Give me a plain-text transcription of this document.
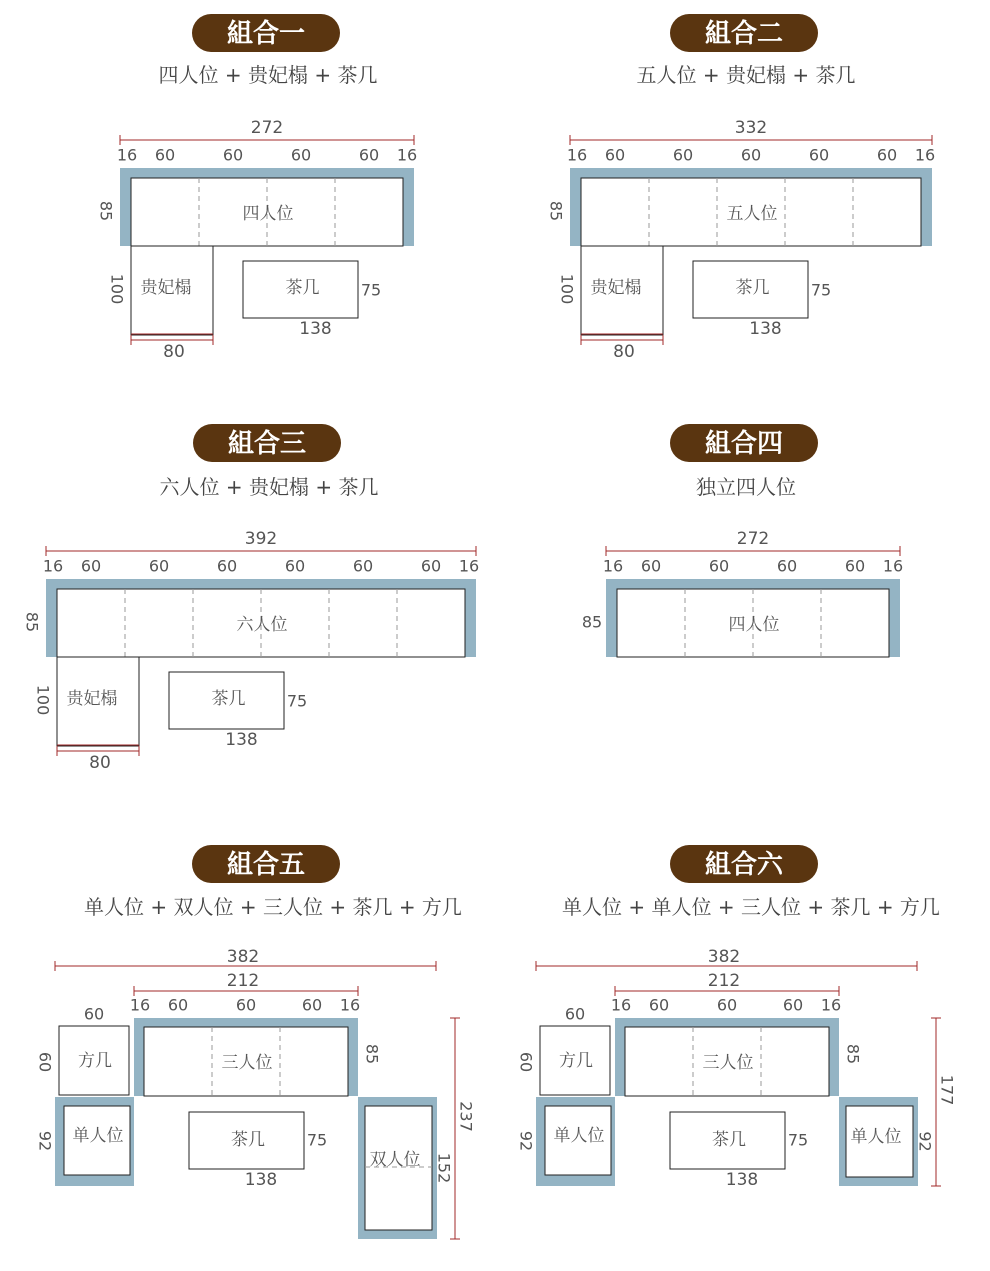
組合一
四人位 + 贵妃榻 + 茶几
272
16 60	60	60	60 16
四人位
85
贵妃榻
100
80
茶几	75
138
組合二
五人位 + 贵妃榻 + 茶几
332
16 60	60	60	60	60 16
五人位
85
贵妃榻
100
80
茶几	75
138
組合三
六人位 + 贵妃榻 + 茶几
392
16 60	60	60	60	60	60 16
六人位
85
贵妃榻
100
80
茶几	75
138
組合四
独立四人位
272
16 60	60	60	60 16
四人位
85
組合五
单人位 + 双人位 + 三人位 + 茶几 + 方几
382
方几
60
60	三人位
212
16 60	60	60 16
85
单人位
92	茶几	75
138
双人位 152
237
組合六
单人位 + 单人位 + 三人位 + 茶几 + 方几
382
方几
60
60	三人位
212
16 60	60	60 16
85
单人位
92	茶几	75
138
单人位 92
177
